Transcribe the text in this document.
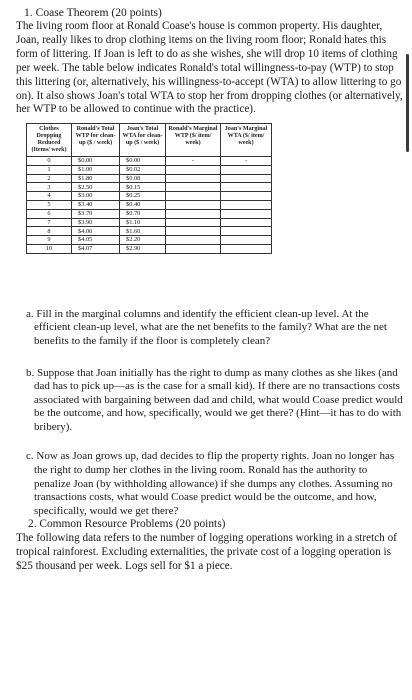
1. Coase Theorem (20 points)

The living room floor at Ronald Coase's house is common property. His daughter, Joan, really likes to drop clothing items on the living room floor; Ronald hates this form of littering. If Joan is left to do as she wishes, she will drop 10 items of clothing per week. The table below indicates Ronald's total willingness-to-pay (WTP) to stop this littering (or, alternatively, his willingness-to-accept (WTA) to allow littering to go on). It also shows Joan's total WTA to stop her from dropping clothes (or alternatively, her WTP to be allowed to continue with the practice).

Clothes Dropping Reduced (Items/ week)	Ronald's Total WTP for clean-up ($ / week)	Joan's Total WTA for clean-up ($ / week)	Ronald's Marginal WTP ($/ item/ week)	Joan's Marginal WTA ($/ item/ week)
0	$0.00	$0.00	-	-
1	$1.00	$0.02		
2	$1.80	$0.08		
3	$2.50	$0.15		
4	$3.00	$0.25		
5	$3.40	$0.40		
6	$3.70	$0.70		
7	$3.90	$1.10		
8	$4.00	$1.60		
9	$4.05	$2.20		
10	$4.07	$2.90		

a. Fill in the marginal columns and identify the efficient clean-up level. At the efficient clean-up level, what are the net benefits to the family? What are the net benefits to the family if the floor is completely clean?

b. Suppose that Joan initially has the right to dump as many clothes as she likes (and dad has to pick up—as is the case for a small kid). If there are no transactions costs associated with bargaining between dad and child, what would Coase predict would be the outcome, and how, specifically, would we get there? (Hint—it has to do with bribery).

c. Now as Joan grows up, dad decides to flip the property rights. Joan no longer has the right to dump her clothes in the living room. Ronald has the authority to penalize Joan (by withholding allowance) if she dumps any clothes. Assuming no transactions costs, what would Coase predict would be the outcome, and how, specifically, would we get there?

2. Common Resource Problems (20 points)

The following data refers to the number of logging operations working in a stretch of tropical rainforest. Excluding externalities, the private cost of a logging operation is $25 thousand per week. Logs sell for $1 a piece.
